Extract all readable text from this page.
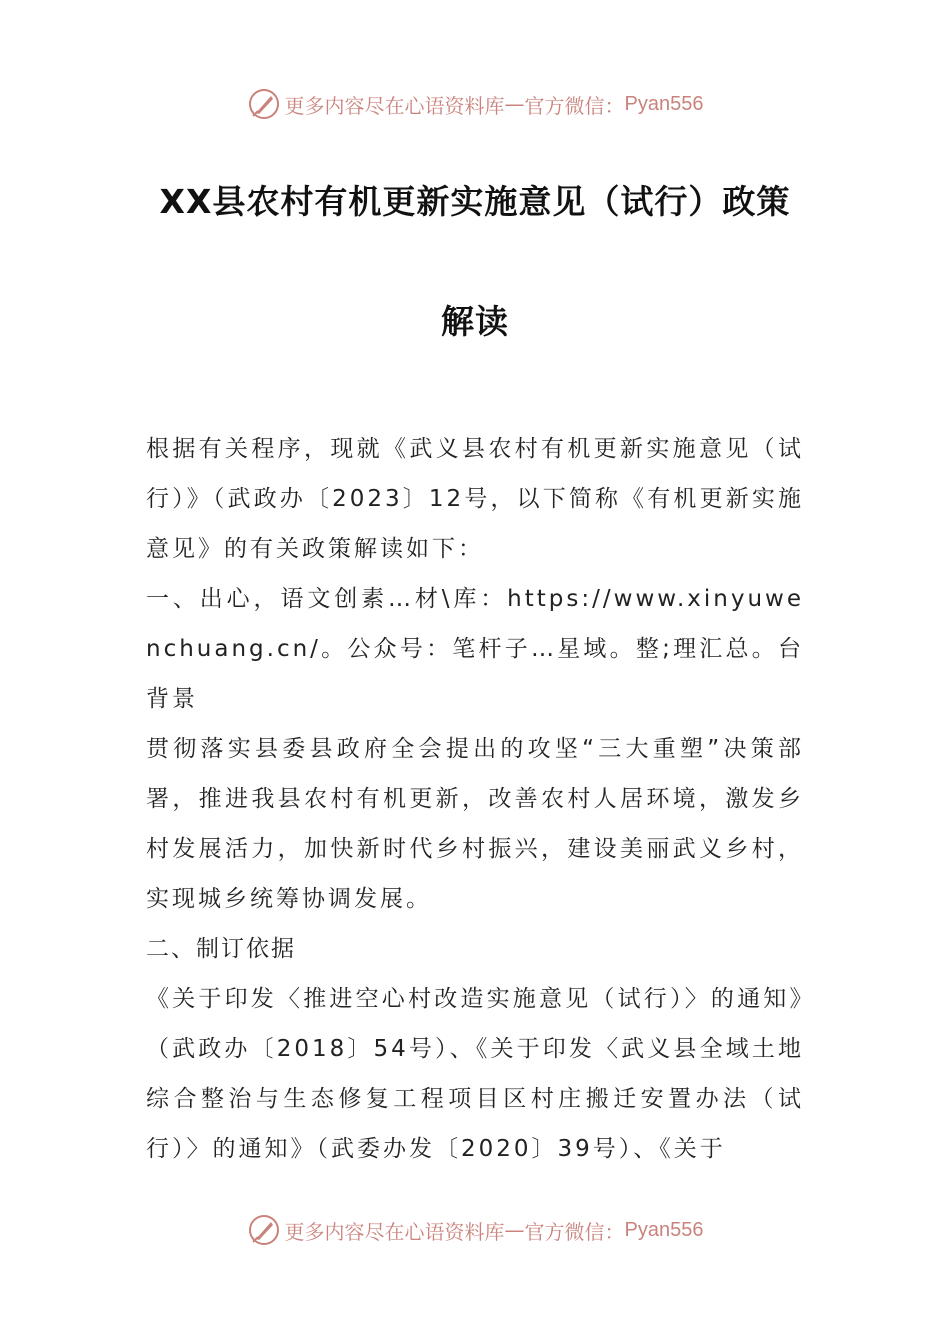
更多内容尽在心语资料库 — 官方微信： Pyan556
XX县农村有机更新实施意见（试行）政策
解读

根据有关程序，现就《武义县农村有机更新实施意见（试行）》（武政办〔2023〕12号，以下简称《有机更新实施意见》的有关政策解读如下：

一、出心，语文创素…材\库：https://www.xinyuwenchuang.cn/。公众号：笔杆子…星域。整;理汇总。台背景

贯彻落实县委县政府全会提出的攻坚“三大重塑”决策部署，推进我县农村有机更新，改善农村人居环境，激发乡村发展活力，加快新时代乡村振兴，建设美丽武义乡村，实现城乡统筹协调发展。

二、制订依据

《关于印发〈推进空心村改造实施意见（试行）〉的通知》（武政办〔2018〕54号）、《关于印发〈武义县全域土地综合整治与生态修复工程项目区村庄搬迁安置办法（试行）〉的通知》（武委办发〔2020〕39号）、《关于

更多内容尽在心语资料库 — 官方微信： Pyan556
